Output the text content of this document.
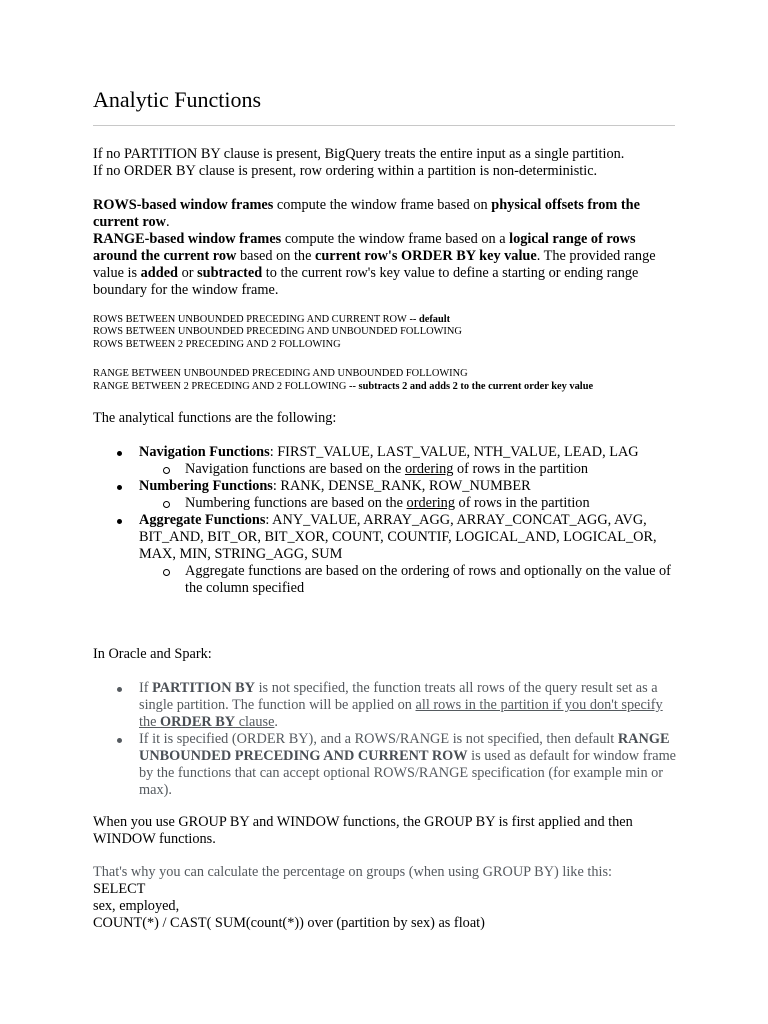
Analytic Functions
If no PARTITION BY clause is present, BigQuery treats the entire input as a single partition.
If no ORDER BY clause is present, row ordering within a partition is non-deterministic.
ROWS-based window frames compute the window frame based on physical offsets from the current row.
RANGE-based window frames compute the window frame based on a logical range of rows around the current row based on the current row's ORDER BY key value. The provided range value is added or subtracted to the current row's key value to define a starting or ending range boundary for the window frame.
ROWS BETWEEN UNBOUNDED PRECEDING AND CURRENT ROW -- default
ROWS BETWEEN UNBOUNDED PRECEDING AND UNBOUNDED FOLLOWING
ROWS BETWEEN 2 PRECEDING AND 2 FOLLOWING
RANGE BETWEEN UNBOUNDED PRECEDING AND UNBOUNDED FOLLOWING
RANGE BETWEEN 2 PRECEDING AND 2 FOLLOWING -- subtracts 2 and adds 2 to the current order key value
The analytical functions are the following:
Navigation Functions: FIRST_VALUE, LAST_VALUE, NTH_VALUE, LEAD, LAG
Navigation functions are based on the ordering of rows in the partition
Numbering Functions: RANK, DENSE_RANK, ROW_NUMBER
Numbering functions are based on the ordering of rows in the partition
Aggregate Functions: ANY_VALUE, ARRAY_AGG, ARRAY_CONCAT_AGG, AVG, BIT_AND, BIT_OR, BIT_XOR, COUNT, COUNTIF, LOGICAL_AND, LOGICAL_OR, MAX, MIN, STRING_AGG, SUM
Aggregate functions are based on the ordering of rows and optionally on the value of the column specified
In Oracle and Spark:
If PARTITION BY is not specified, the function treats all rows of the query result set as a single partition. The function will be applied on all rows in the partition if you don't specify the ORDER BY clause.
If it is specified (ORDER BY), and a ROWS/RANGE is not specified, then default RANGE UNBOUNDED PRECEDING AND CURRENT ROW is used as default for window frame by the functions that can accept optional ROWS/RANGE specification (for example min or max).
When you use GROUP BY and WINDOW functions, the GROUP BY is first applied and then WINDOW functions.
That's why you can calculate the percentage on groups (when using GROUP BY) like this:
SELECT
sex, employed,
COUNT(*) / CAST( SUM(count(*)) over (partition by sex) as float)
